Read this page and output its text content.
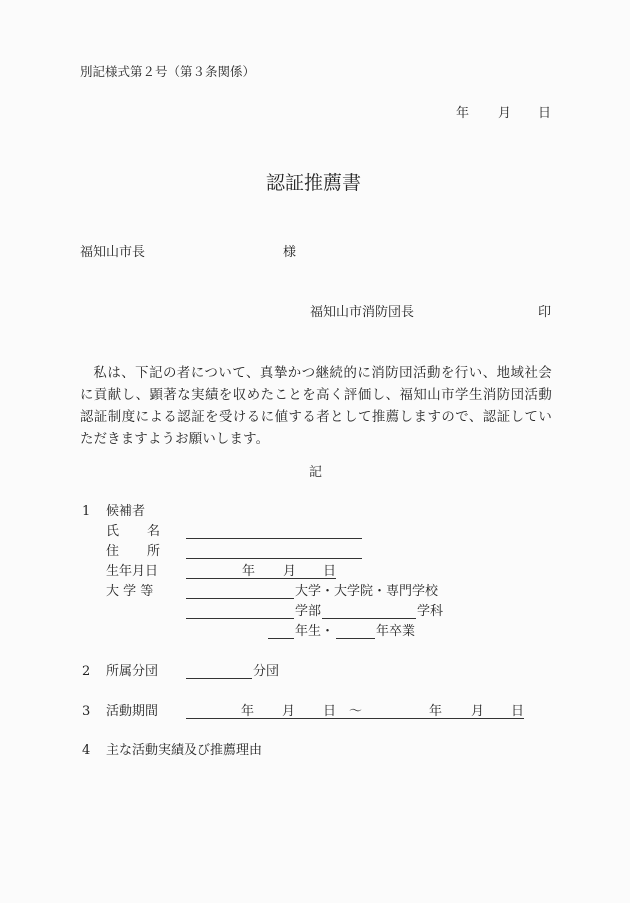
別記様式第２号（第３条関係）
年 月 日
認証推薦書
福知山市長	様
福知山市消防団長	印

私は、下記の者について、真摯かつ継続的に消防団活動を行い、地域社会に貢献し、顕著な実績を収めたことを高く評価し、福知山市学生消防団活動認証制度による認証を受けるに値する者として推薦しますので、認証していただきますようお願いします。

記
1 候補者
氏 名
住 所
生年月日	年 月 日
大 学 等	大学・大学院・専門学校
学部	学科
年生・	年卒業
2 所属分団	分団
3 活動期間	年 月 日 ～	年 月 日
4 主な活動実績及び推薦理由
